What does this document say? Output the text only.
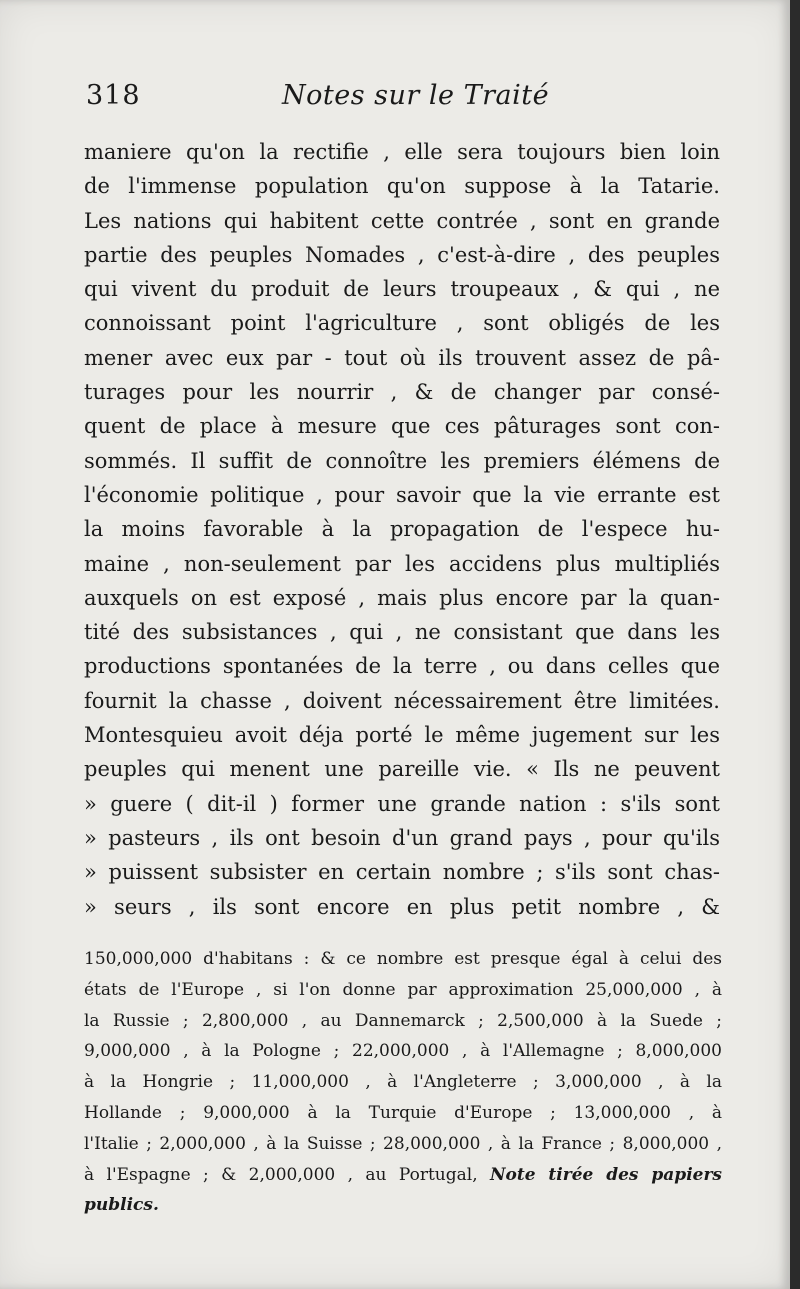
318	Notes sur le Traité
maniere qu'on la rectifie , elle sera toujours bien loin
de l'immense population qu'on suppose à la Tatarie.
Les nations qui habitent cette contrée , sont en grande
partie des peuples Nomades , c'est-à-dire , des peuples
qui vivent du produit de leurs troupeaux , & qui , ne
connoissant point l'agriculture , sont obligés de les
mener avec eux par - tout où ils trouvent assez de pâ-
turages pour les nourrir , & de changer par consé-
quent de place à mesure que ces pâturages sont con-
sommés. Il suffit de connoître les premiers élémens de
l'économie politique , pour savoir que la vie errante est
la moins favorable à la propagation de l'espece hu-
maine , non-seulement par les accidens plus multipliés
auxquels on est exposé , mais plus encore par la quan-
tité des subsistances , qui , ne consistant que dans les
productions spontanées de la terre , ou dans celles que
fournit la chasse , doivent nécessairement être limitées.
Montesquieu avoit déja porté le même jugement sur les
peuples qui menent une pareille vie. « Ils ne peuvent
» guere ( dit-il ) former une grande nation : s'ils sont
» pasteurs , ils ont besoin d'un grand pays , pour qu'ils
» puissent subsister en certain nombre ; s'ils sont chas-
» seurs , ils sont encore en plus petit nombre , &
150,000,000 d'habitans : & ce nombre est presque égal à celui des
états de l'Europe , si l'on donne par approximation 25,000,000 , à
la Russie ; 2,800,000 , au Dannemarck ; 2,500,000 à la Suede ;
9,000,000 , à la Pologne ; 22,000,000 , à l'Allemagne ; 8,000,000
à la Hongrie ; 11,000,000 , à l'Angleterre ; 3,000,000 , à la
Hollande ; 9,000,000 à la Turquie d'Europe ; 13,000,000 , à
l'Italie ; 2,000,000 , à la Suisse ; 28,000,000 , à la France ; 8,000,000 ,
à l'Espagne ; & 2,000,000 , au Portugal, Note tirée des papiers
publics.
